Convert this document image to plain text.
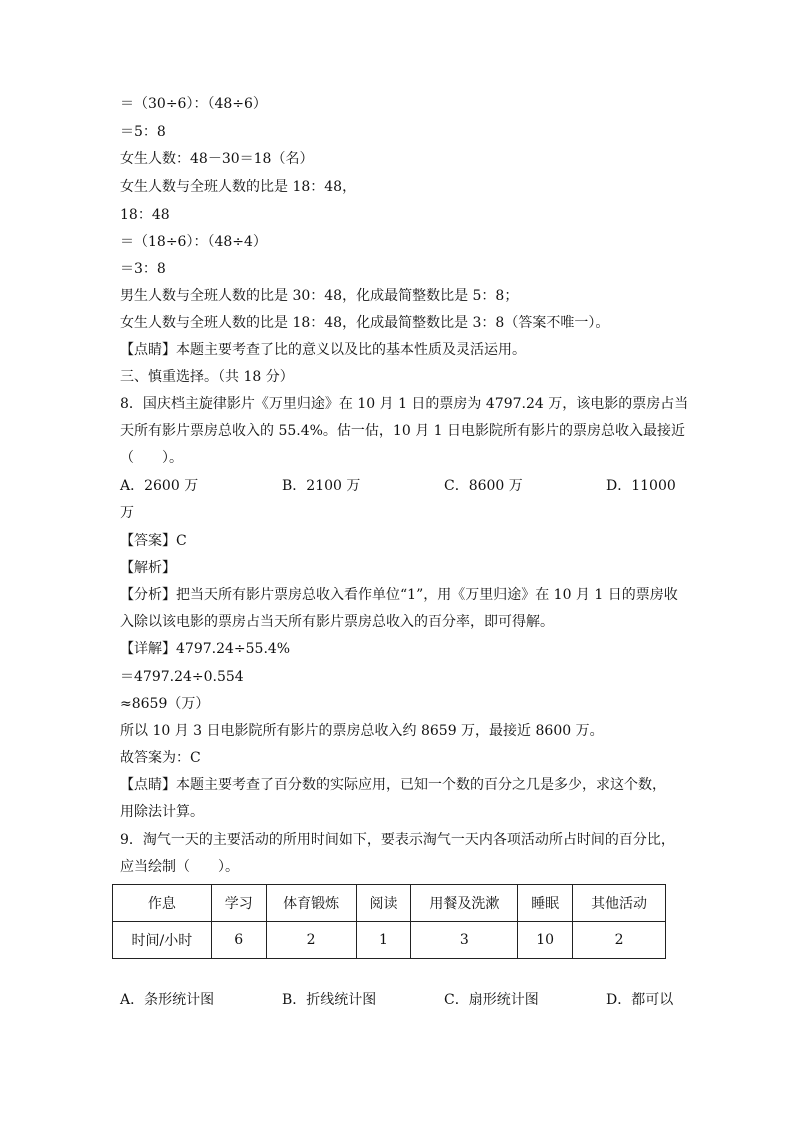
＝（30÷6）：（48÷6）
＝5：8
女生人数：48－30＝18（名）
女生人数与全班人数的比是 18：48，
18：48
＝（18÷6）：（48÷4）
＝3：8
男生人数与全班人数的比是 30：48，化成最简整数比是 5：8；
女生人数与全班人数的比是 18：48，化成最简整数比是 3：8（答案不唯一）。
【点睛】本题主要考查了比的意义以及比的基本性质及灵活运用。
三、慎重选择。（共 18 分）
8．国庆档主旋律影片《万里归途》在 10 月 1 日的票房为 4797.24 万，该电影的票房占当
天所有影片票房总收入的 55.4%。估一估，10 月 1 日电影院所有影片的票房总收入最接近
（　　）。
A．2600 万	B．2100 万	C．8600 万	D．11000
万
【答案】C
【解析】
【分析】把当天所有影片票房总收入看作单位“1”，用《万里归途》在 10 月 1 日的票房收
入除以该电影的票房占当天所有影片票房总收入的百分率，即可得解。
【详解】4797.24÷55.4%
＝4797.24÷0.554
≈8659（万）
所以 10 月 3 日电影院所有影片的票房总收入约 8659 万，最接近 8600 万。
故答案为：C
【点睛】本题主要考查了百分数的实际应用，已知一个数的百分之几是多少，求这个数，
用除法计算。
9．淘气一天的主要活动的所用时间如下，要表示淘气一天内各项活动所占时间的百分比，
应当绘制（　　）。
作息	学习	体育锻炼	阅读	用餐及洗漱	睡眠	其他活动
时间/小时	6	2	1	3	10	2
A．条形统计图	B．折线统计图	C．扇形统计图	D．都可以
